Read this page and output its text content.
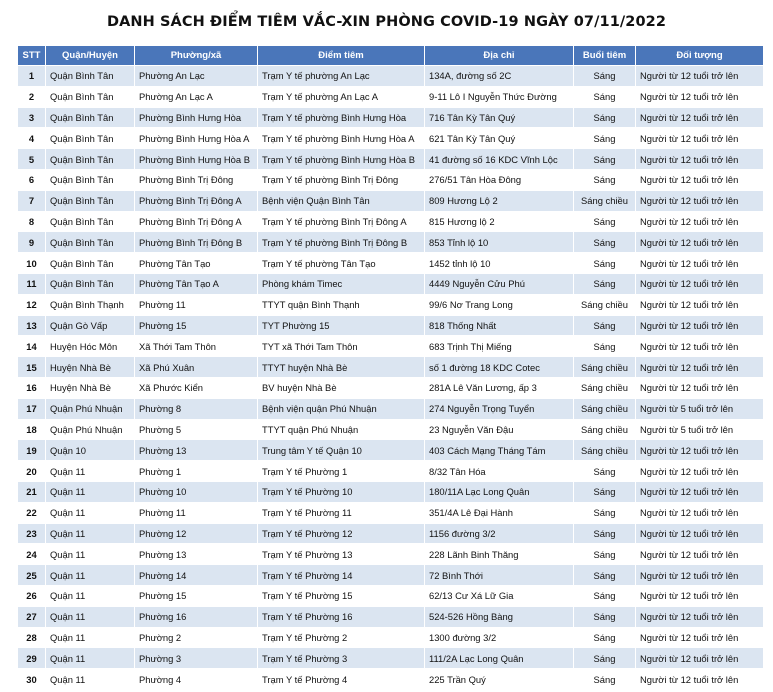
DANH SÁCH ĐIỂM TIÊM VẮC-XIN PHÒNG COVID-19 NGÀY 07/11/2022
STT	Quận/Huyện	Phường/xã	Điểm tiêm	Địa chỉ	Buổi tiêm	Đối tượng
1	Quận Bình Tân	Phường An Lạc	Trạm Y tế phường An Lạc	134A, đường số 2C	Sáng	Người từ 12 tuổi trở lên
2	Quận Bình Tân	Phường An Lạc A	Trạm Y tế phường An Lạc A	9-11 Lô I Nguyễn Thức Đường	Sáng	Người từ 12 tuổi trở lên
3	Quận Bình Tân	Phường Bình Hưng Hòa	Trạm Y tế phường Bình Hưng Hòa	716 Tân Kỳ Tân Quý	Sáng	Người từ 12 tuổi trở lên
4	Quận Bình Tân	Phường Bình Hưng Hòa A	Trạm Y tế phường Bình Hưng Hòa A	621 Tân Kỳ Tân Quý	Sáng	Người từ 12 tuổi trở lên
5	Quận Bình Tân	Phường Bình Hưng Hòa B	Trạm Y tế phường Bình Hưng Hòa B	41 đường số 16 KDC Vĩnh Lộc	Sáng	Người từ 12 tuổi trở lên
6	Quận Bình Tân	Phường Bình Trị Đông	Trạm Y tế phường Bình Trị Đông	276/51 Tân Hòa Đông	Sáng	Người từ 12 tuổi trở lên
7	Quận Bình Tân	Phường Bình Trị Đông A	Bệnh viện Quận Bình Tân	809 Hương Lộ 2	Sáng chiều	Người từ 12 tuổi trở lên
8	Quận Bình Tân	Phường Bình Trị Đông A	Trạm Y tế phường Bình Trị Đông A	815 Hương lộ 2	Sáng	Người từ 12 tuổi trở lên
9	Quận Bình Tân	Phường Bình Trị Đông B	Trạm Y tế phường Bình Trị Đông B	853 Tỉnh lộ 10	Sáng	Người từ 12 tuổi trở lên
10	Quận Bình Tân	Phường Tân Tạo	Trạm Y tế phường Tân Tạo	1452 tỉnh lộ 10	Sáng	Người từ 12 tuổi trở lên
11	Quận Bình Tân	Phường Tân Tạo A	Phòng khám Timec	4449 Nguyễn Cửu Phú	Sáng	Người từ 12 tuổi trở lên
12	Quận Bình Thạnh	Phường 11	TTYT quận Bình Thạnh	99/6 Nơ Trang Long	Sáng chiều	Người từ 12 tuổi trở lên
13	Quận Gò Vấp	Phường 15	TYT Phường 15	818 Thống Nhất	Sáng	Người từ 12 tuổi trở lên
14	Huyện Hóc Môn	Xã Thới Tam Thôn	TYT xã Thới Tam Thôn	683 Trịnh Thị Miếng	Sáng	Người từ 12 tuổi trở lên
15	Huyện Nhà Bè	Xã Phú Xuân	TTYT huyện Nhà Bè	số 1 đường 18 KDC Cotec	Sáng chiều	Người từ 12 tuổi trở lên
16	Huyện Nhà Bè	Xã Phước Kiển	BV huyện Nhà Bè	281A Lê Văn Lương, ấp 3	Sáng chiều	Người từ 12 tuổi trở lên
17	Quận Phú Nhuận	Phường 8	Bệnh viện quận Phú Nhuận	274 Nguyễn Trọng Tuyển	Sáng chiều	Người từ 5 tuổi trở lên
18	Quận Phú Nhuận	Phường 5	TTYT quận Phú Nhuận	23 Nguyễn Văn Đậu	Sáng chiều	Người từ 5 tuổi trở lên
19	Quận 10	Phường 13	Trung tâm Y tế Quận 10	403 Cách Mạng Tháng Tám	Sáng chiều	Người từ 12 tuổi trở lên
20	Quận 11	Phường 1	Trạm Y tế Phường 1	8/32 Tân Hóa	Sáng	Người từ 12 tuổi trở lên
21	Quận 11	Phường 10	Trạm Y tế Phường 10	180/11A Lạc Long Quân	Sáng	Người từ 12 tuổi trở lên
22	Quận 11	Phường 11	Trạm Y tế Phường 11	351/4A Lê Đại Hành	Sáng	Người từ 12 tuổi trở lên
23	Quận 11	Phường 12	Trạm Y tế Phường 12	1156 đường 3/2	Sáng	Người từ 12 tuổi trở lên
24	Quận 11	Phường 13	Trạm Y tế Phường 13	228 Lãnh Binh Thăng	Sáng	Người từ 12 tuổi trở lên
25	Quận 11	Phường 14	Trạm Y tế Phường 14	72 Bình Thới	Sáng	Người từ 12 tuổi trở lên
26	Quận 11	Phường 15	Trạm Y tế Phường 15	62/13 Cư Xá Lữ Gia	Sáng	Người từ 12 tuổi trở lên
27	Quận 11	Phường 16	Trạm Y tế Phường 16	524-526 Hồng Bàng	Sáng	Người từ 12 tuổi trở lên
28	Quận 11	Phường 2	Trạm Y tế Phường 2	1300 đường 3/2	Sáng	Người từ 12 tuổi trở lên
29	Quận 11	Phường 3	Trạm Y tế Phường 3	111/2A Lạc Long Quân	Sáng	Người từ 12 tuổi trở lên
30	Quận 11	Phường 4	Trạm Y tế Phường 4	225 Trần Quý	Sáng	Người từ 12 tuổi trở lên
